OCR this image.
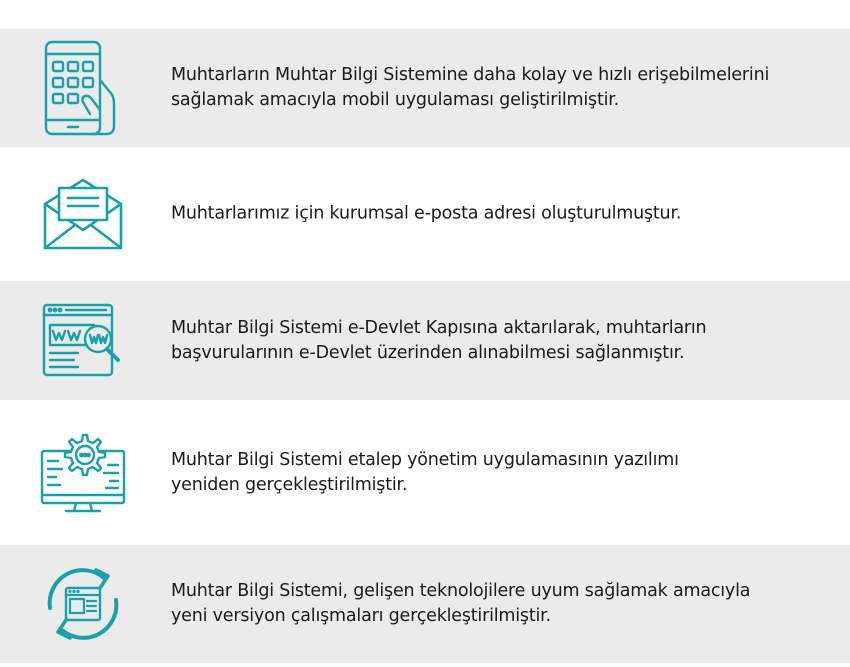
Muhtarların Muhtar Bilgi Sistemine daha kolay ve hızlı erişebilmelerini
sağlamak amacıyla mobil uygulaması geliştirilmiştir.
Muhtarlarımız için kurumsal e-posta adresi oluşturulmuştur.
Muhtar Bilgi Sistemi e-Devlet Kapısına aktarılarak, muhtarların
başvurularının e-Devlet üzerinden alınabilmesi sağlanmıştır.
Muhtar Bilgi Sistemi etalep yönetim uygulamasının yazılımı
yeniden gerçekleştirilmiştir.
Muhtar Bilgi Sistemi, gelişen teknolojilere uyum sağlamak amacıyla
yeni versiyon çalışmaları gerçekleştirilmiştir.
